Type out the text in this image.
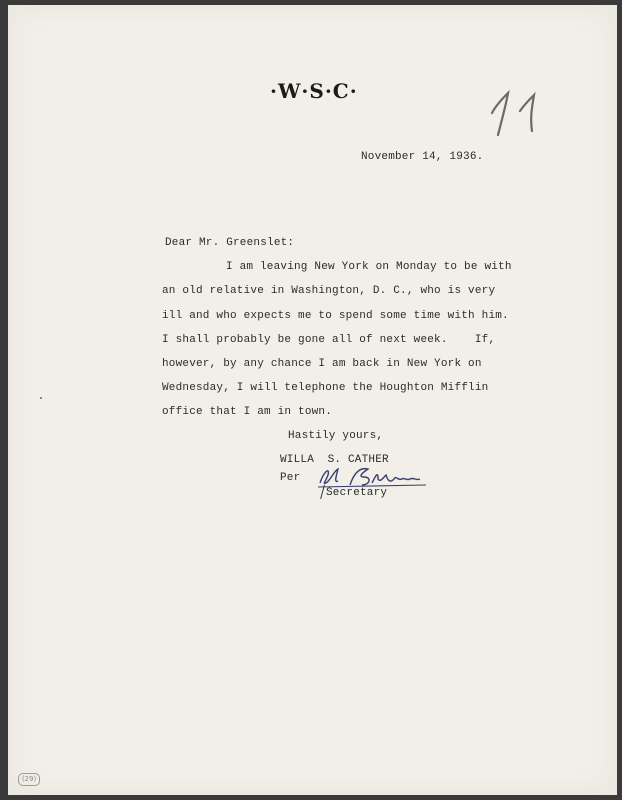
·W·S·C·
November 14, 1936.
Dear Mr. Greenslet:
I am leaving New York on Monday to be with
an old relative in Washington, D. C., who is very
ill and who expects me to spend some time with him.
I shall probably be gone all of next week.    If,
however, by any chance I am back in New York on
Wednesday, I will telephone the Houghton Mifflin
office that I am in town.
Hastily yours,
WILLA  S. CATHER
Per
Secretary
(29)
